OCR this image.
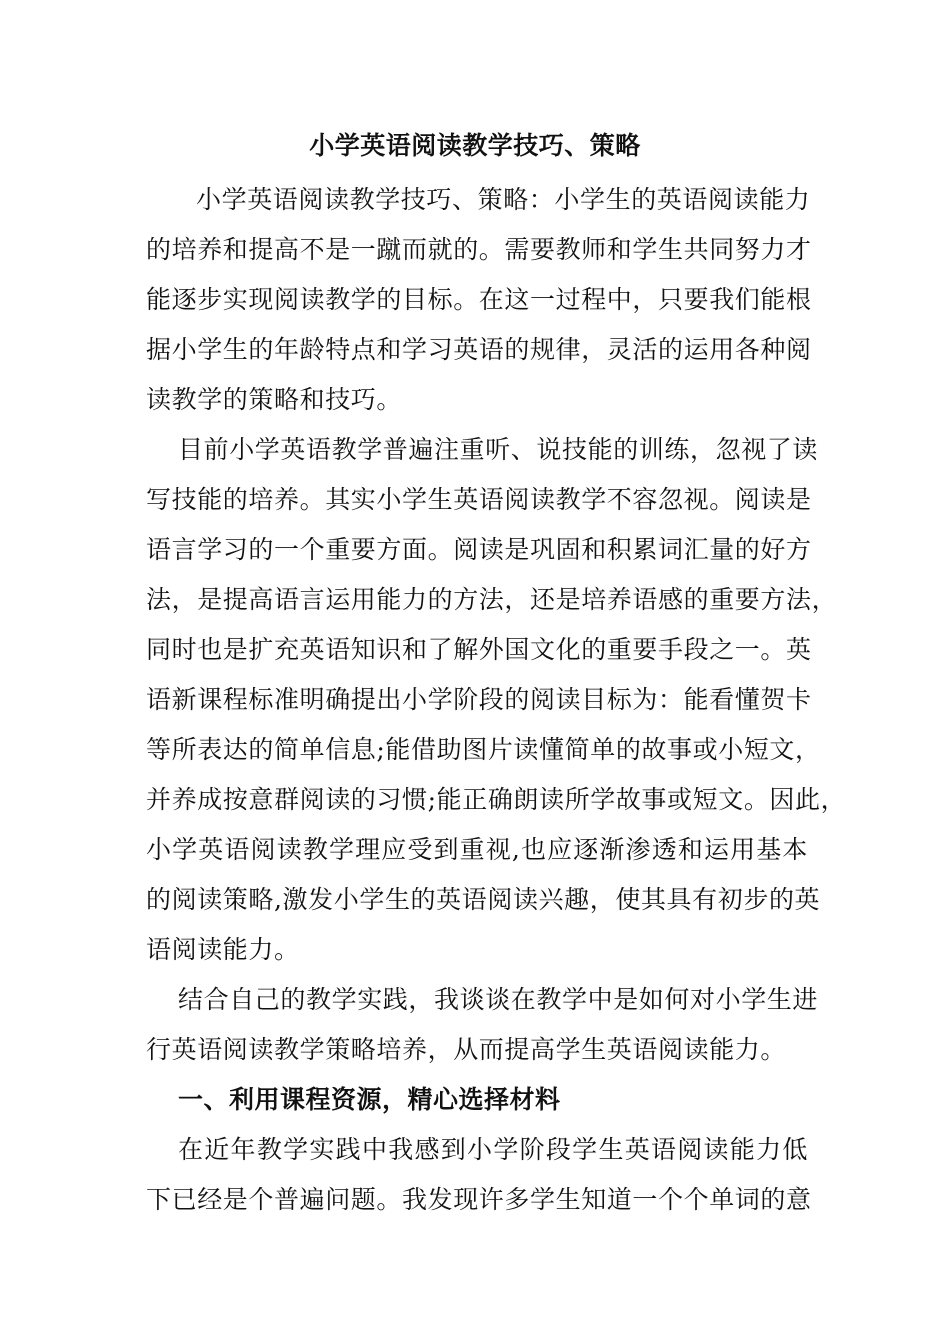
小学英语阅读教学技巧、策略
小学英语阅读教学技巧、策略：小学生的英语阅读能力
的培养和提高不是一蹴而就的。需要教师和学生共同努力才
能逐步实现阅读教学的目标。在这一过程中，只要我们能根
据小学生的年龄特点和学习英语的规律，灵活的运用各种阅
读教学的策略和技巧。
目前小学英语教学普遍注重听、说技能的训练，忽视了读
写技能的培养。其实小学生英语阅读教学不容忽视。阅读是
语言学习的一个重要方面。阅读是巩固和积累词汇量的好方
法，是提高语言运用能力的方法，还是培养语感的重要方法，
同时也是扩充英语知识和了解外国文化的重要手段之一。英
语新课程标准明确提出小学阶段的阅读目标为：能看懂贺卡
等所表达的简单信息;能借助图片读懂简单的故事或小短文，
并养成按意群阅读的习惯;能正确朗读所学故事或短文。因此，
小学英语阅读教学理应受到重视,也应逐渐渗透和运用基本
的阅读策略,激发小学生的英语阅读兴趣，使其具有初步的英
语阅读能力。
结合自己的教学实践，我谈谈在教学中是如何对小学生进
行英语阅读教学策略培养，从而提高学生英语阅读能力。
一、利用课程资源，精心选择材料
在近年教学实践中我感到小学阶段学生英语阅读能力低
下已经是个普遍问题。我发现许多学生知道一个个单词的意
